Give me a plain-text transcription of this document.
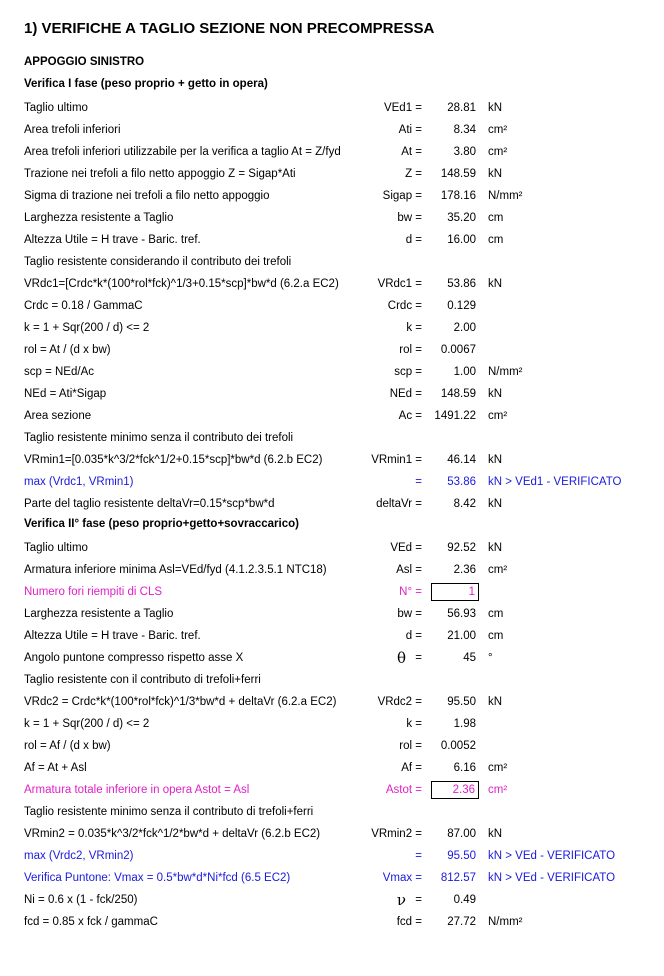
1) VERIFICHE A TAGLIO SEZIONE NON PRECOMPRESSA
APPOGGIO SINISTRO
Verifica I fase (peso proprio + getto in opera)
Taglio ultimo	VEd1 = 28.81 kN
Area trefoli inferiori	Ati =	8.34 cm²
Area trefoli inferiori utilizzabile per la verifica a taglio At = Z/fyd	At =	3.80 cm²
Trazione nei trefoli a filo netto appoggio Z = Sigap*Ati	Z = 148.59 kN
Sigma di trazione nei trefoli a filo netto appoggio	Sigap = 178.16 N/mm²
Larghezza resistente a Taglio	bw = 35.20 cm
Altezza Utile = H trave - Baric. tref.	d = 16.00 cm
Taglio resistente considerando il contributo dei trefoli
VRdc1=[Crdc*k*(100*rol*fck)^1/3+0.15*scp]*bw*d (6.2.a EC2)	VRdc1 = 53.86 kN
Crdc = 0.18 / GammaC	Crdc = 0.129
k = 1 + Sqr(200 / d) <= 2	k =	2.00
rol = At / (d x bw)	rol = 0.0067
scp = NEd/Ac	scp =	1.00 N/mm²
NEd = Ati*Sigap	NEd = 148.59 kN
Area sezione	Ac = 1491.22 cm²
Taglio resistente minimo senza il contributo dei trefoli
VRmin1=[0.035*k^3/2*fck^1/2+0.15*scp]*bw*d (6.2.b EC2)	VRmin1 = 46.14 kN
max (Vrdc1, VRmin1)	= 53.86 kN > VEd1 - VERIFICATO
Parte del taglio resistente deltaVr=0.15*scp*bw*d	deltaVr =	8.42 kN
Verifica II° fase (peso proprio+getto+sovraccarico)
Taglio ultimo	VEd = 92.52 kN
Armatura inferiore minima Asl=VEd/fyd (4.1.2.3.5.1 NTC18)	Asl =	2.36 cm²
Numero fori riempiti di CLS	N° =	1
Larghezza resistente a Taglio	bw = 56.93 cm
Altezza Utile = H trave - Baric. tref.	d = 21.00 cm
Angolo puntone compresso rispetto asse X	θ =	45 °
Taglio resistente con il contributo di trefoli+ferri
VRdc2 = Crdc*k*(100*rol*fck)^1/3*bw*d + deltaVr (6.2.a EC2)	VRdc2 = 95.50 kN
k = 1 + Sqr(200 / d) <= 2	k =	1.98
rol = Af / (d x bw)	rol = 0.0052
Af = At + Asl	Af =	6.16 cm²
Armatura totale inferiore in opera Astot = Asl	Astot =	2.36	cm²
Taglio resistente minimo senza il contributo di trefoli+ferri
VRmin2 = 0.035*k^3/2*fck^1/2*bw*d + deltaVr (6.2.b EC2)	VRmin2 = 87.00 kN
max (Vrdc2, VRmin2)	= 95.50 kN > VEd - VERIFICATO
Verifica Puntone: Vmax = 0.5*bw*d*Ni*fcd (6.5 EC2)	Vmax = 812.57 kN > VEd - VERIFICATO
Ni = 0.6 x (1 - fck/250)	ν =	0.49
fcd = 0.85 x fck / gammaC	fcd = 27.72 N/mm²
